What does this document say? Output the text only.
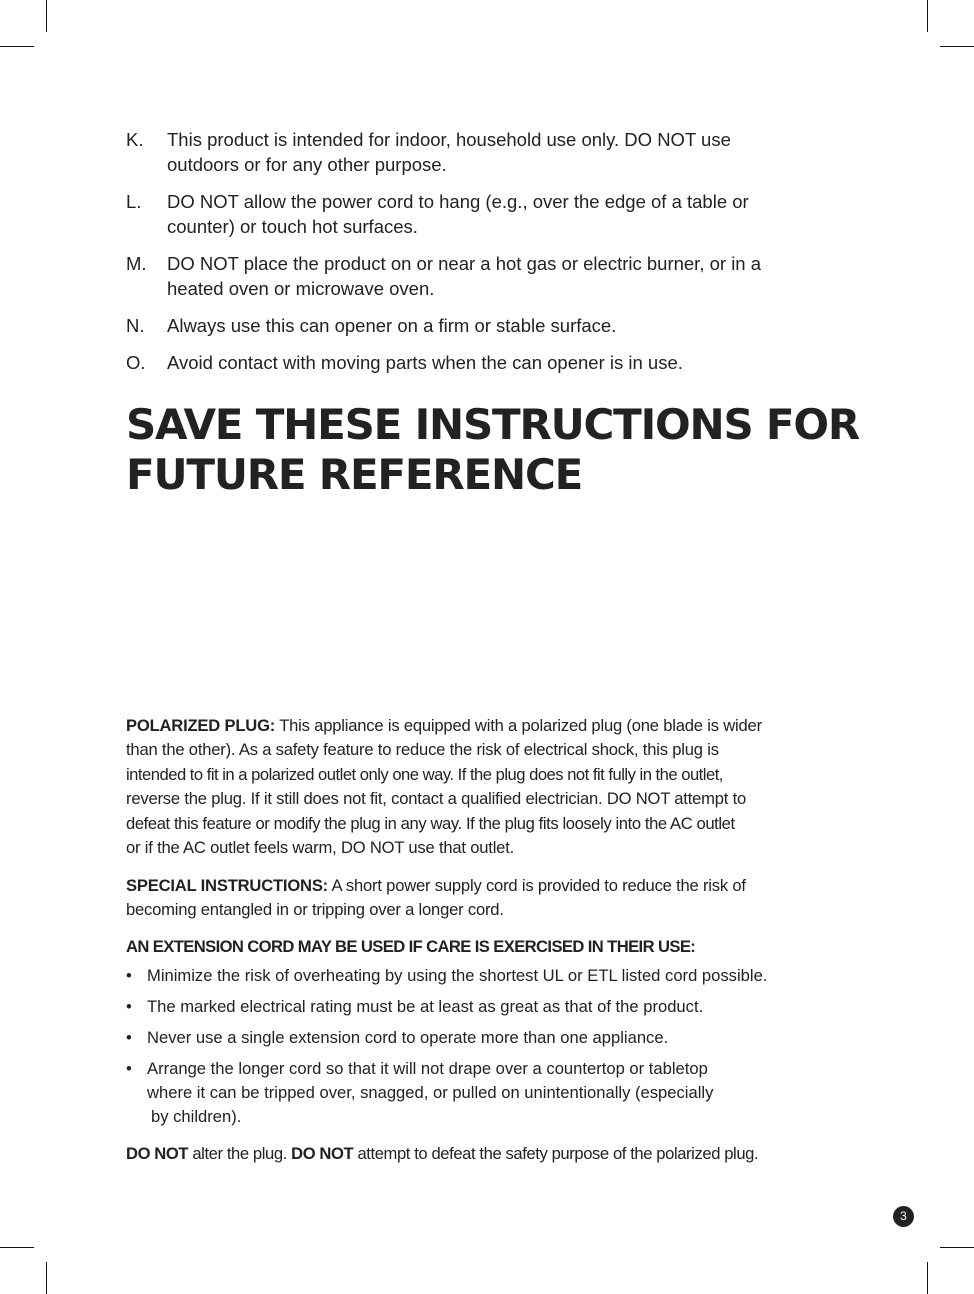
K. This product is intended for indoor, household use only. DO NOT use
outdoors or for any other purpose.
L. DO NOT allow the power cord to hang (e.g., over the edge of a table or
counter) or touch hot surfaces.
M. DO NOT place the product on or near a hot gas or electric burner, or in a
heated oven or microwave oven.
N. Always use this can opener on a firm or stable surface.
O. Avoid contact with moving parts when the can opener is in use.
SAVE THESE INSTRUCTIONS FOR
FUTURE REFERENCE

POLARIZED PLUG: This appliance is equipped with a polarized plug (one blade is wider

than the other). As a safety feature to reduce the risk of electrical shock, this plug is

intended to fit in a polarized outlet only one way. If the plug does not fit fully in the outlet,

reverse the plug. If it still does not fit, contact a qualified electrician. DO NOT attempt to

defeat this feature or modify the plug in any way. If the plug fits loosely into the AC outlet

or if the AC outlet feels warm, DO NOT use that outlet.

SPECIAL INSTRUCTIONS: A short power supply cord is provided to reduce the risk of

becoming entangled in or tripping over a longer cord.

AN EXTENSION CORD MAY BE USED IF CARE IS EXERCISED IN THEIR USE:
• Minimize the risk of overheating by using the shortest UL or ETL listed cord possible.
• The marked electrical rating must be at least as great as that of the product.
• Never use a single extension cord to operate more than one appliance.
• Arrange the longer cord so that it will not drape over a countertop or tabletop
where it can be tripped over, snagged, or pulled on unintentionally (especially

by children).
DO NOT alter the plug. DO NOT attempt to defeat the safety purpose of the polarized plug.
3
